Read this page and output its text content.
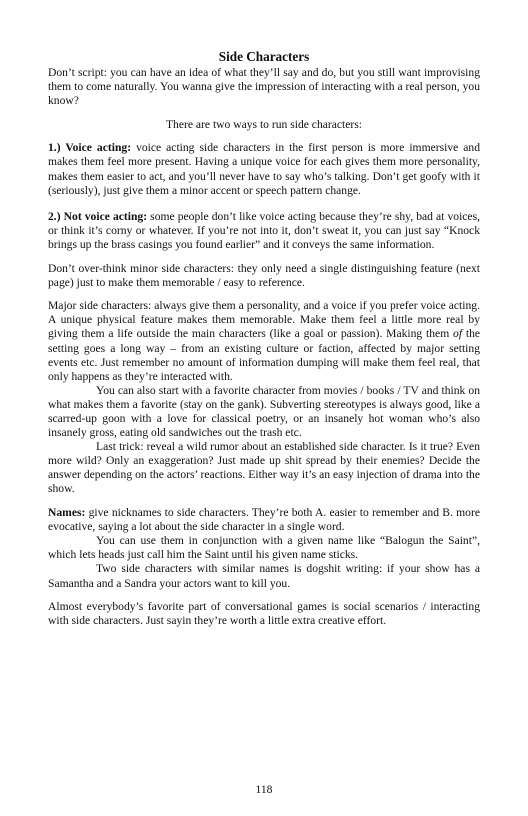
Side Characters

Don’t script: you can have an idea of what they’ll say and do, but you still want improvising them to come naturally. You wanna give the impression of interacting with a real person, you know?

There are two ways to run side characters:

1.) Voice acting: voice acting side characters in the first person is more immersive and makes them feel more present. Having a unique voice for each gives them more personality, makes them easier to act, and you’ll never have to say who’s talking. Don’t get goofy with it (seriously), just give them a minor accent or speech pattern change.

2.) Not voice acting: some people don’t like voice acting because they’re shy, bad at voices, or think it’s corny or whatever. If you’re not into it, don’t sweat it, you can just say “Knock brings up the brass casings you found earlier” and it conveys the same information.

Don’t over-think minor side characters: they only need a single distinguishing feature (next page) just to make them memorable / easy to reference.

Major side characters: always give them a personality, and a voice if you prefer voice acting. A unique physical feature makes them memorable. Make them feel a little more real by giving them a life outside the main characters (like a goal or passion). Making them of the setting goes a long way – from an existing culture or faction, affected by major setting events etc. Just remember no amount of information dumping will make them feel real, that only happens as they’re interacted with.

You can also start with a favorite character from movies / books / TV and think on what makes them a favorite (stay on the gank). Subverting stereotypes is always good, like a scarred-up goon with a love for classical poetry, or an insanely hot woman who’s also insanely gross, eating old sandwiches out the trash etc.

Last trick: reveal a wild rumor about an established side character. Is it true? Even more wild? Only an exaggeration? Just made up shit spread by their enemies? Decide the answer depending on the actors’ reactions. Either way it’s an easy injection of drama into the show.

Names: give nicknames to side characters. They’re both A. easier to remember and B. more evocative, saying a lot about the side character in a single word.

You can use them in conjunction with a given name like “Balogun the Saint”, which lets heads just call him the Saint until his given name sticks.

Two side characters with similar names is dogshit writing: if your show has a Samantha and a Sandra your actors want to kill you.

Almost everybody’s favorite part of conversational games is social scenarios / interacting with side characters. Just sayin they’re worth a little extra creative effort.

118
